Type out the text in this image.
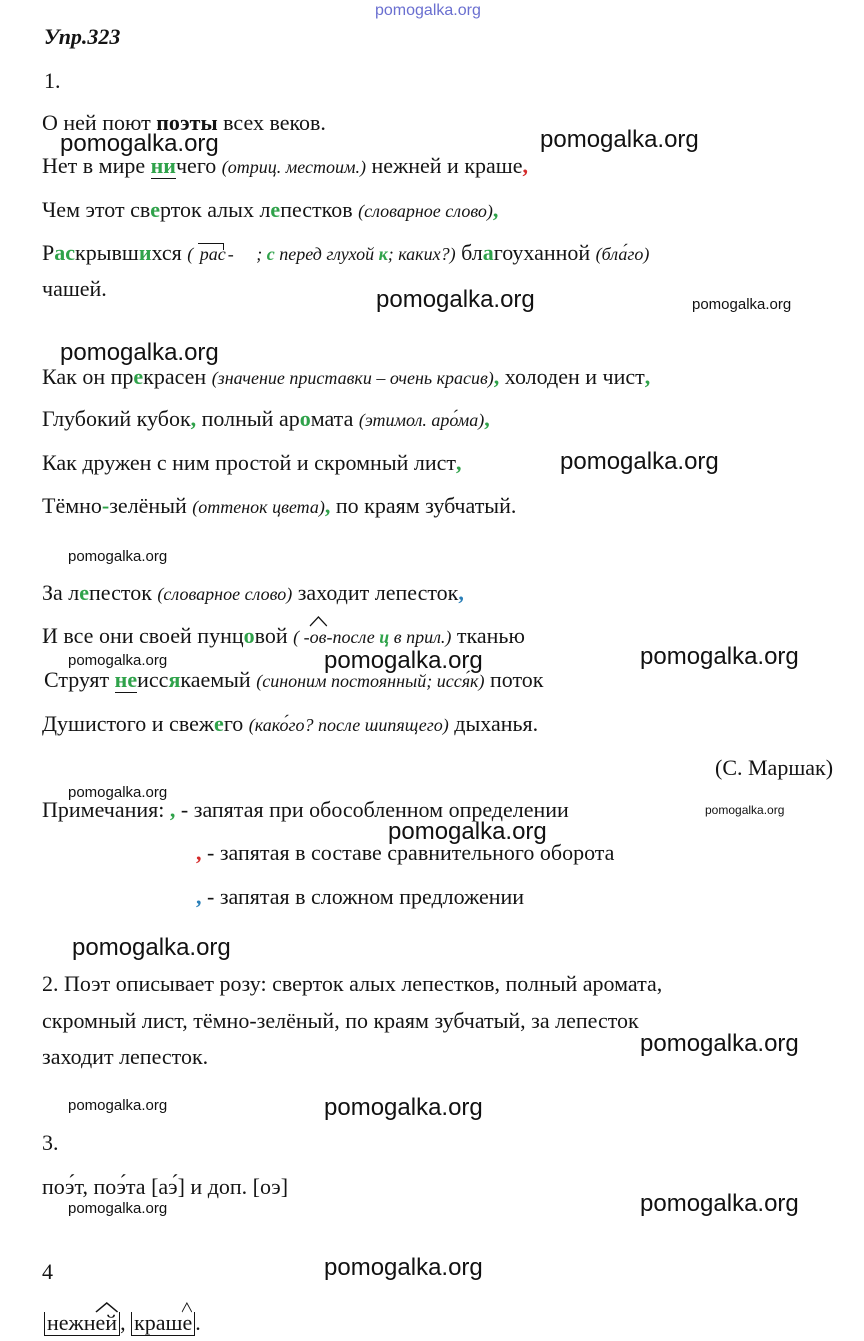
pomogalka.org
pomogalka.org	pomogalka.org
pomogalka.org	pomogalka.org
pomogalka.org
pomogalka.org
pomogalka.org
pomogalka.org	pomogalka.org	pomogalka.org
pomogalka.org
pomogalka.org
pomogalka.org
pomogalka.org
pomogalka.org
pomogalka.org	pomogalka.org
pomogalka.org
pomogalka.org
pomogalka.org
Упр.323
1.
О ней поют поэты всех веков.
Нет в мире ничего (отриц. местоим.) нежней и краше,
Чем этот сверток алых лепестков (словарное слово),
Раскрывшихся ( рас - ; с перед глухой к; каких?) благоуханной (бла́го)
чашей.
Как он прекрасен (значение приставки – очень красив), холоден и чист,
Глубокий кубок, полный аромата (этимол. аро́ма),
Как дружен с ним простой и скромный лист,
Тёмно-зелёный (оттенок цвета), по краям зубчатый.
За лепесток (словарное слово) заходит лепесток,
И все они своей пунцовой ( -
ов-после ц в прил.) тканью
Струят неиссякаемый (синоним постоянный; исся́к) поток
Душистого и свежего (како́го? после шипящего) дыханья.
(С. Маршак)
Примечания: , - запятая при обособленном определении
, - запятая в составе сравнительного оборота
, - запятая в сложном предложении
2. Поэт описывает розу: сверток алых лепестков, полный аромата,
скромный лист, тёмно-зелёный, по краям зубчатый, за лепесток
заходит лепесток.
3.
поэ́т, поэ́та [аэ́] и доп. [оэ]
4
нежн
ей , краш
е .
